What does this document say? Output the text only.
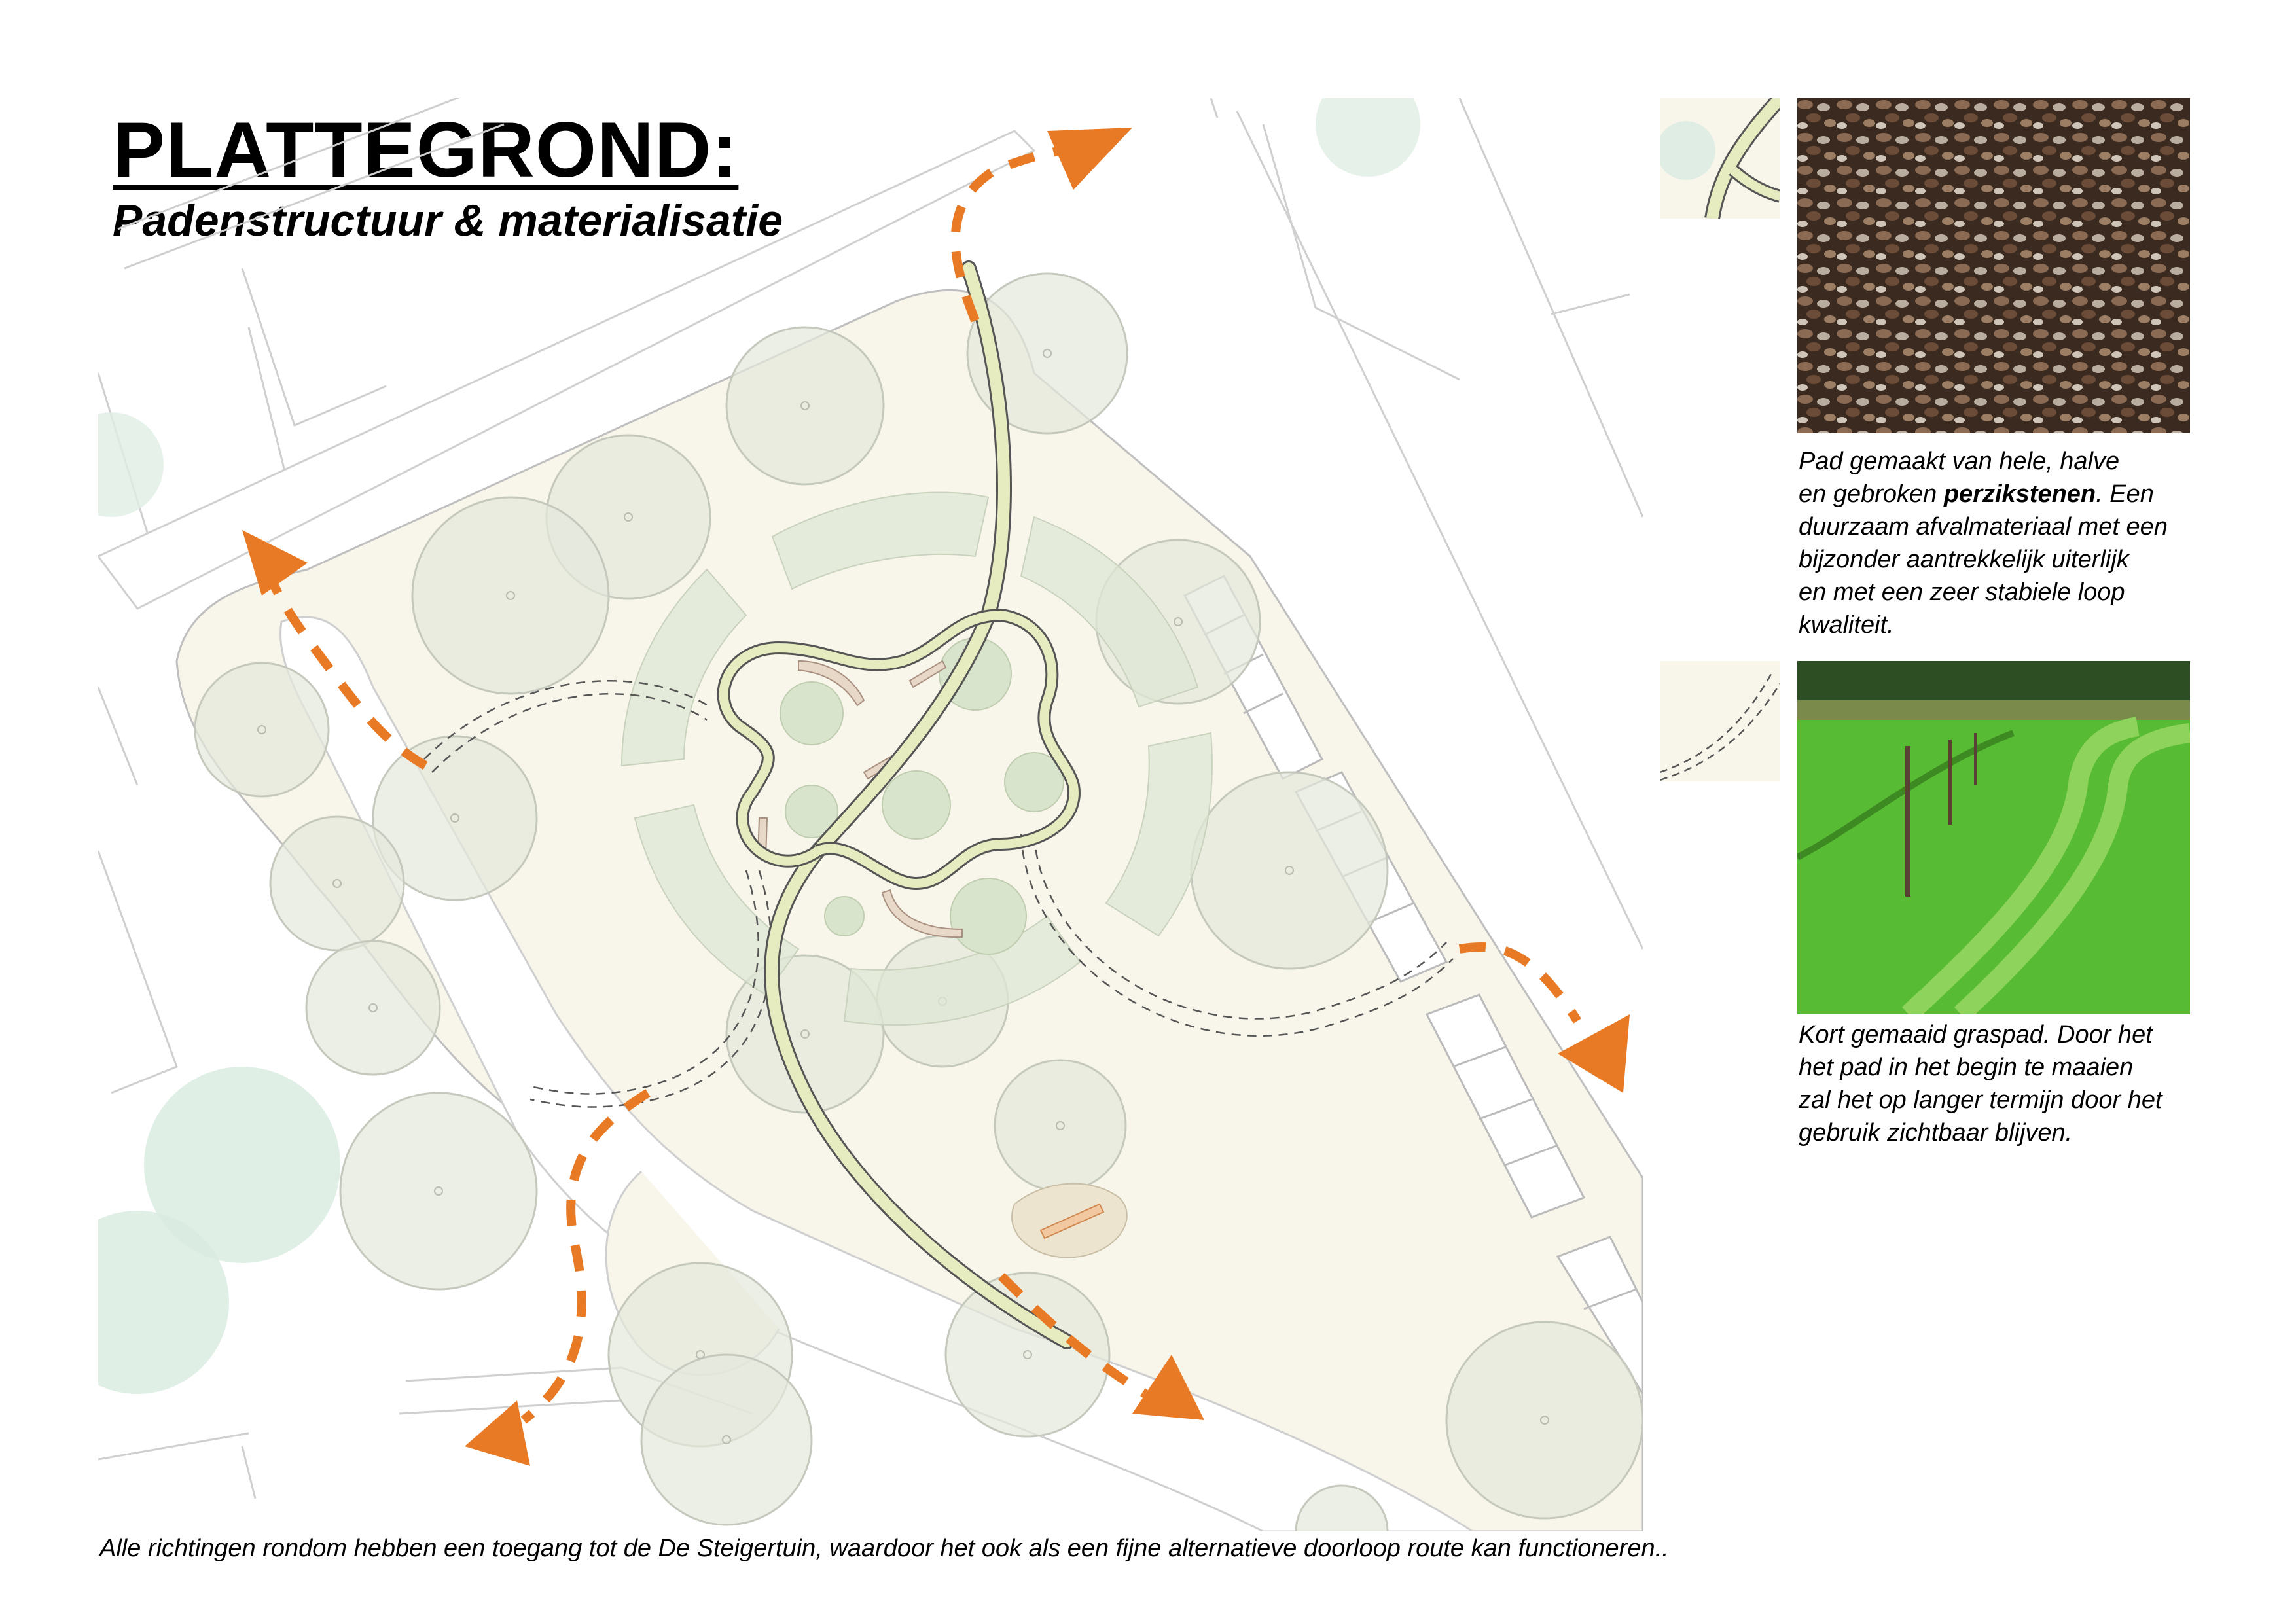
PLATTEGROND:
Padenstructuur & materialisatie

Pad gemaakt van hele, halve

en gebroken perzikstenen. Een

duurzaam afvalmateriaal met een

bijzonder aantrekkelijk uiterlijk

en met een zeer stabiele loop

kwaliteit.

Kort gemaaid graspad. Door het

het pad in het begin te maaien

zal het op langer termijn door het

gebruik zichtbaar blijven.

Alle richtingen rondom hebben een toegang tot de De Steigertuin, waardoor het ook als een fijne alternatieve doorloop route kan functioneren..
